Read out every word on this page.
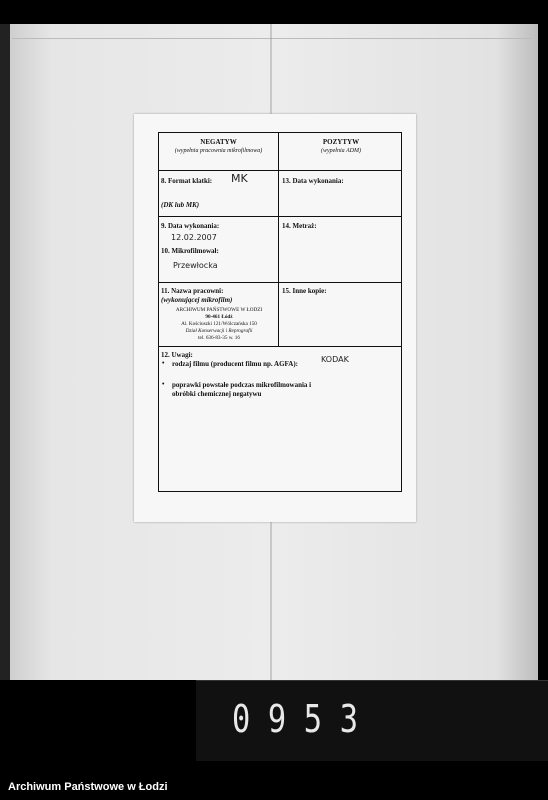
NEGATYW
(wypełnia pracownia mikrofilmowa)
POZYTYW
(wypełnia ADM)
8. Format klatki: MK
(DK lub MK)
13. Data wykonania:
9. Data wykonania:
12.02.2007
10. Mikrofilmował:
Przewłocka
14. Metraż:
11. Nazwa pracowni:
(wykonującej mikrofilm)
ARCHIWUM PAŃSTWOWE W ŁODZI
90-461 Łódź
Al. Kościuszki 121/Wólczańska 150
Dział Konserwacji i Reprografii
tel. 636-83-35 w. 16
15. Inne kopie:
12. Uwagi:
• rodzaj filmu (producent filmu np. AGFA):	KODAK
• poprawki powstałe podczas mikrofilmowania i obróbki chemicznej negatywu
0953
Archiwum Państwowe w Łodzi
